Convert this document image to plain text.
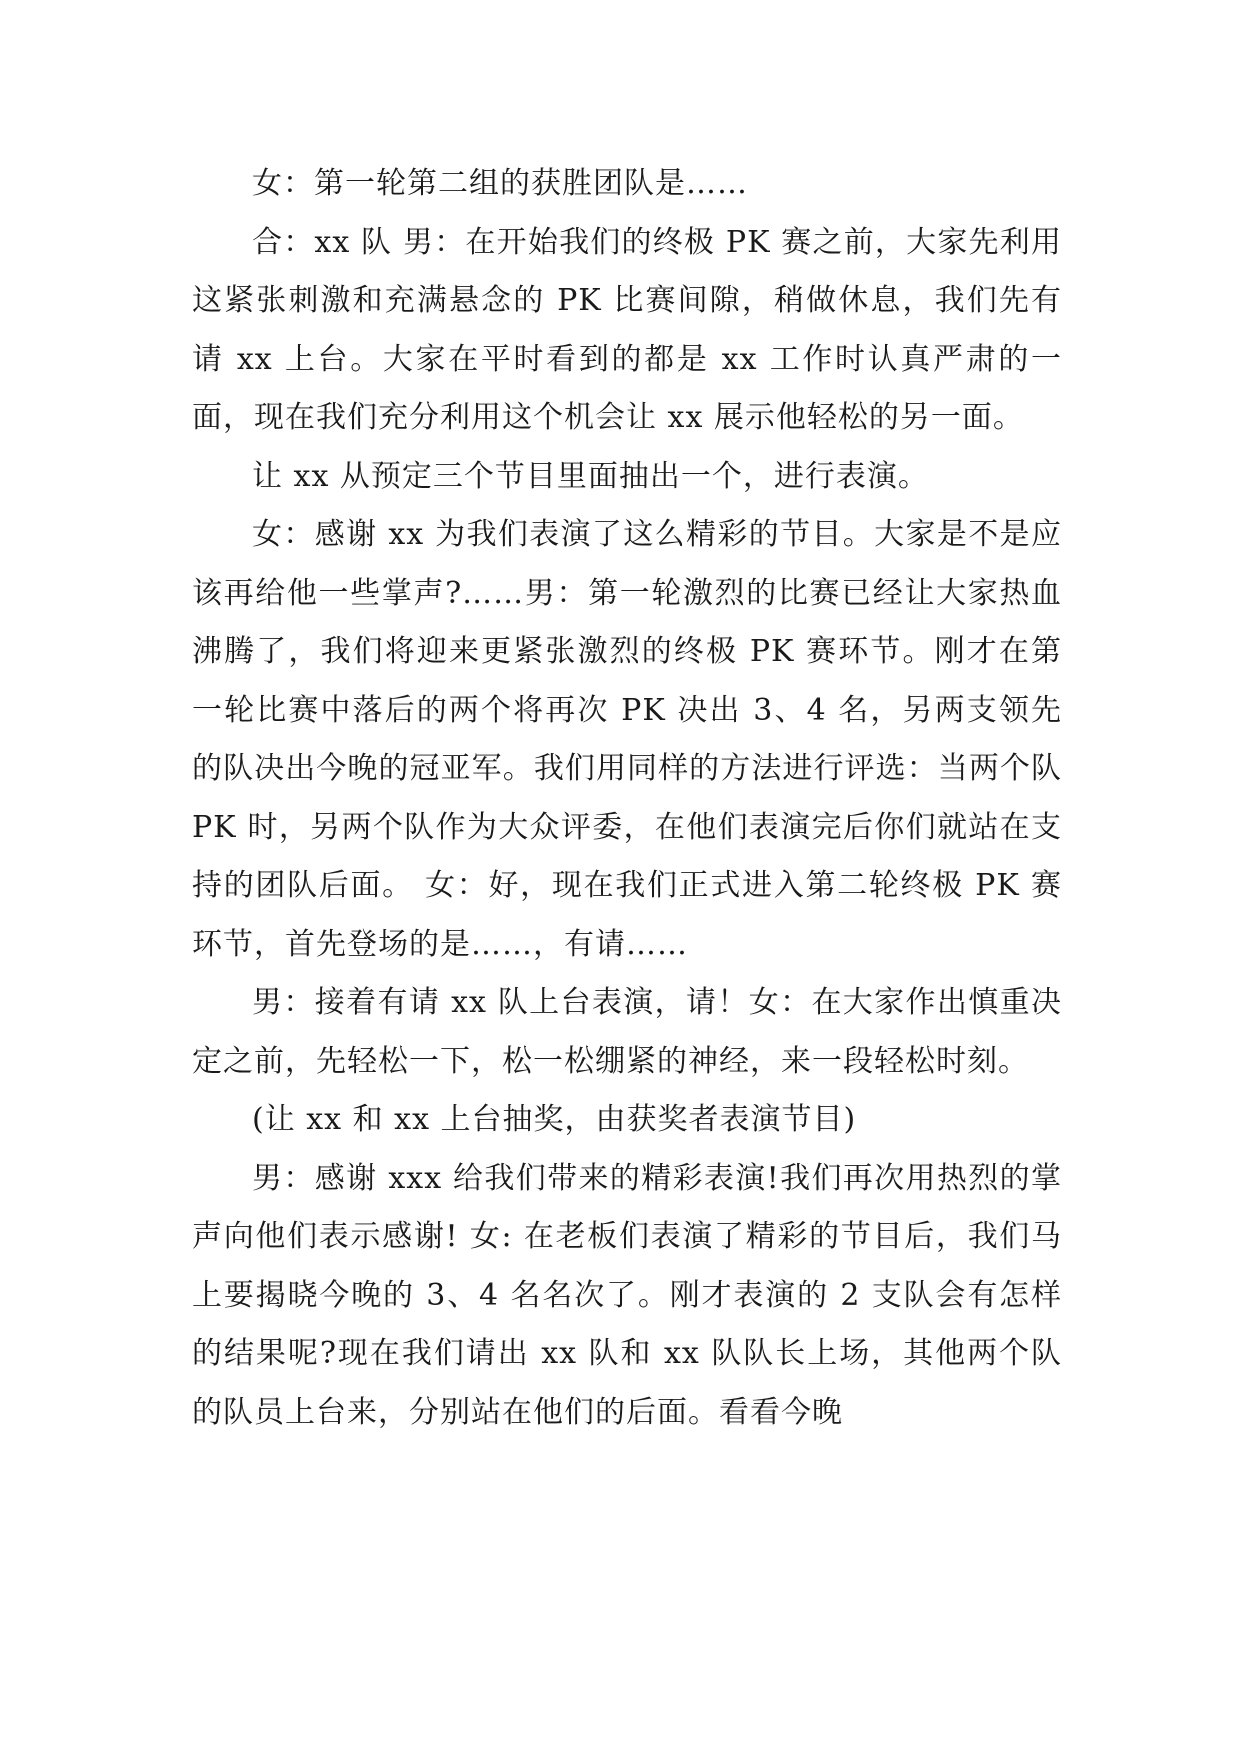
女：第一轮第二组的获胜团队是……

合：xx 队 男：在开始我们的终极 PK 赛之前，大家先利用这紧张刺激和充满悬念的 PK 比赛间隙，稍做休息，我们先有请 xx 上台。大家在平时看到的都是 xx 工作时认真严肃的一面，现在我们充分利用这个机会让 xx 展示他轻松的另一面。

让 xx 从预定三个节目里面抽出一个，进行表演。

女：感谢 xx 为我们表演了这么精彩的节目。大家是不是应该再给他一些掌声?……男：第一轮激烈的比赛已经让大家热血沸腾了，我们将迎来更紧张激烈的终极 PK 赛环节。刚才在第一轮比赛中落后的两个将再次 PK 决出 3、4 名，另两支领先的队决出今晚的冠亚军。我们用同样的方法进行评选：当两个队 PK 时，另两个队作为大众评委，在他们表演完后你们就站在支持的团队后面。 女：好，现在我们正式进入第二轮终极 PK 赛环节，首先登场的是……，有请……

男：接着有请 xx 队上台表演，请！女：在大家作出慎重决定之前，先轻松一下，松一松绷紧的神经，来一段轻松时刻。

(让 xx 和 xx 上台抽奖，由获奖者表演节目)

男：感谢 xxx 给我们带来的精彩表演!我们再次用热烈的掌声向他们表示感谢! 女: 在老板们表演了精彩的节目后，我们马上要揭晓今晚的 3、4 名名次了。刚才表演的 2 支队会有怎样的结果呢?现在我们请出 xx 队和 xx 队队长上场，其他两个队的队员上台来，分别站在他们的后面。看看今晚
